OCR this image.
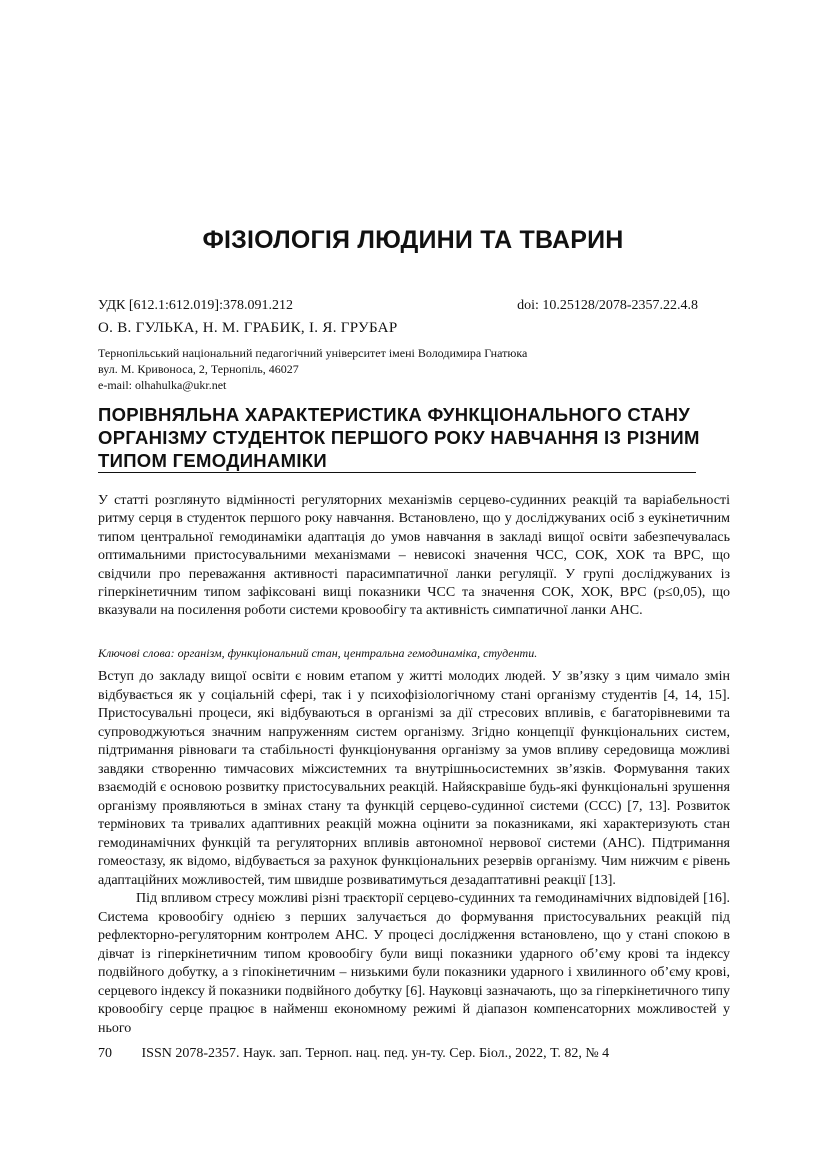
ФІЗІОЛОГІЯ ЛЮДИНИ ТА ТВАРИН
УДК [612.1:612.019]:378.091.212	doi: 10.25128/2078-2357.22.4.8
О. В. ГУЛЬКА, Н. М. ГРАБИК, І. Я. ГРУБАР
Тернопільський національний педагогічний університет імені Володимира Гнатюка
вул. М. Кривоноса, 2, Тернопіль, 46027
e-mail: olhahulka@ukr.net
ПОРІВНЯЛЬНА ХАРАКТЕРИСТИКА ФУНКЦІОНАЛЬНОГО СТАНУ ОРГАНІЗМУ СТУДЕНТОК ПЕРШОГО РОКУ НАВЧАННЯ ІЗ РІЗНИМ ТИПОМ ГЕМОДИНАМІКИ
У статті розглянуто відмінності регуляторних механізмів серцево-судинних реакцій та варіабельності ритму серця в студенток першого року навчання. Встановлено, що у досліджуваних осіб з еукінетичним типом центральної гемодинаміки адаптація до умов навчання в закладі вищої освіти забезпечувалась оптимальними пристосувальними механізмами – невисокі значення ЧСС, СОК, ХОК та ВРС, що свідчили про переважання активності парасимпатичної ланки регуляції. У групі досліджуваних із гіперкінетичним типом зафіксовані вищі показники ЧСС та значення СОК, ХОК, ВРС (р≤0,05), що вказували на посилення роботи системи кровообігу та активність симпатичної ланки АНС.
Ключові слова: організм, функціональний стан, центральна гемодинаміка, студенти.

Вступ до закладу вищої освіти є новим етапом у житті молодих людей. У зв’язку з цим чимало змін відбувається як у соціальній сфері, так і у психофізіологічному стані організму студентів [4, 14, 15]. Пристосувальні процеси, які відбуваються в організмі за дії стресових впливів, є багаторівневими та супроводжуються значним напруженням систем організму. Згідно концепції функціональних систем, підтримання рівноваги та стабільності функціонування організму за умов впливу середовища можливі завдяки створенню тимчасових міжсистемних та внутрішньосистемних зв’язків. Формування таких взаємодій є основою розвитку пристосувальних реакцій. Найяскравіше будь-які функціональні зрушення організму проявляються в змінах стану та функцій серцево-судинної системи (ССС) [7, 13]. Розвиток термінових та тривалих адаптивних реакцій можна оцінити за показниками, які характеризують стан гемодинамічних функцій та регуляторних впливів автономної нервової системи (АНС). Підтримання гомеостазу, як відомо, відбувається за рахунок функціональних резервів організму. Чим нижчим є рівень адаптаційних можливостей, тим швидше розвиватимуться дезадаптативні реакції [13].

Під впливом стресу можливі різні траєкторії серцево-судинних та гемодинамічних відповідей [16]. Система кровообігу однією з перших залучається до формування пристосувальних реакцій під рефлекторно-регуляторним контролем АНС. У процесі дослідження встановлено, що у стані спокою в дівчат із гіперкінетичним типом кровообігу були вищі показники ударного об’єму крові та індексу подвійного добутку, а з гіпокінетичним – низькими були показники ударного і хвилинного об’єму крові, серцевого індексу й показники подвійного добутку [6]. Науковці зазначають, що за гіперкінетичного типу кровообігу серце працює в найменш економному режимі й діапазон компенсаторних можливостей у нього

70 ISSN 2078-2357. Наук. зап. Терноп. нац. пед. ун-ту. Сер. Біол., 2022, Т. 82, № 4
